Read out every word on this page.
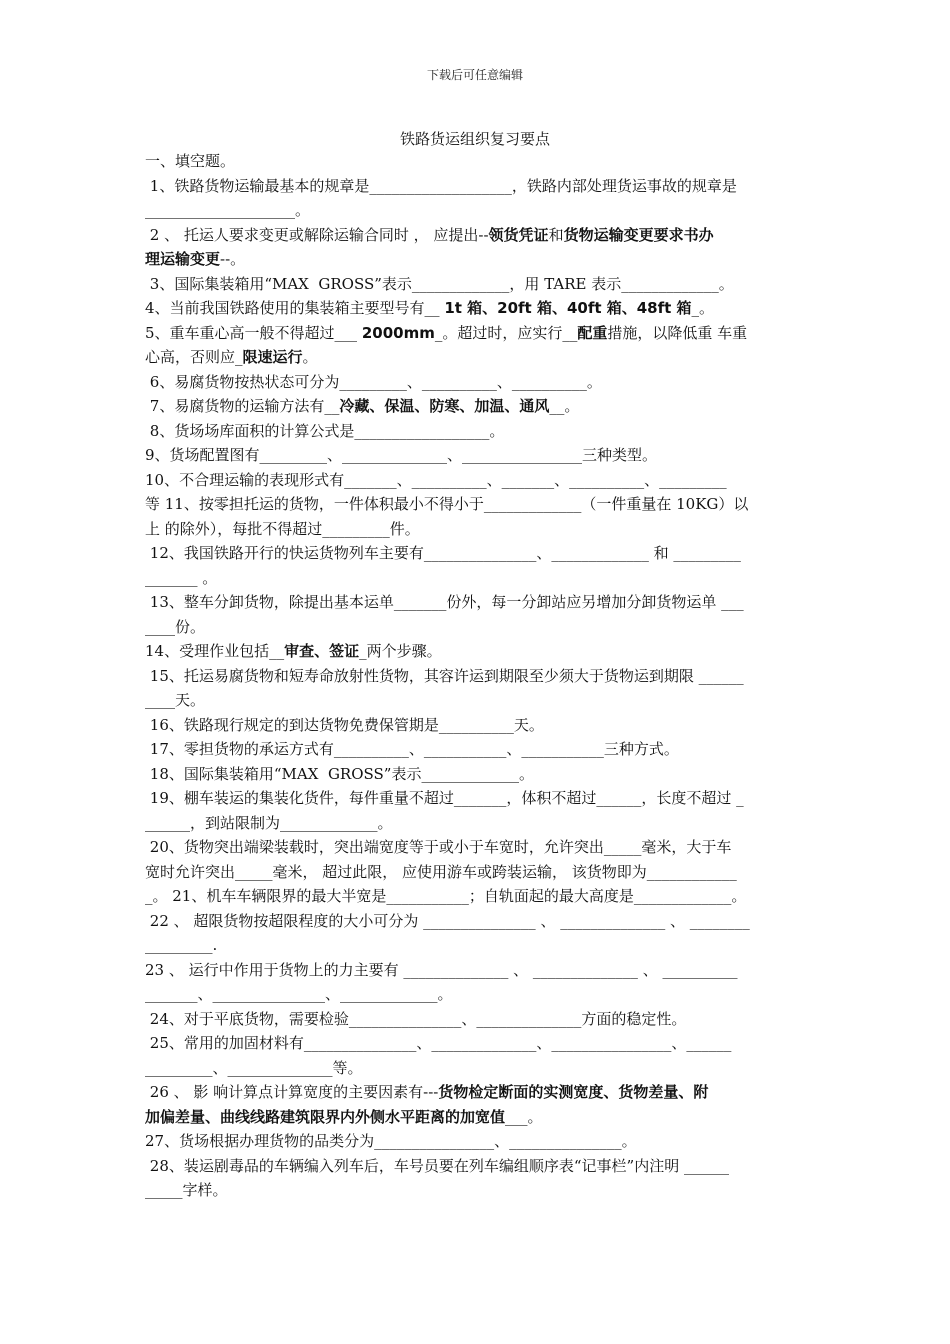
下载后可任意编辑
铁路货运组织复习要点

一、填空题。

1、铁路货物运输最基本的规章是___________________，铁路内部处理货运事故的规章是

____________________。

2 、 托运人要求变更或解除运输合同时 ， 应提出--领货凭证和货物运输变更要求书办

理运输变更--。

3、国际集装箱用“MAX  GROSS”表示_____________，用 TARE 表示_____________。

4、当前我国铁路使用的集装箱主要型号有__ 1t 箱、20ft 箱、40ft 箱、48ft 箱_。

5、重车重心高一般不得超过___ 2000mm_。超过时，应实行__配重措施，以降低重 车重

心高，否则应_限速运行。

6、易腐货物按热状态可分为_________、__________、__________。

7、易腐货物的运输方法有__冷藏、保温、防寒、加温、通风__。

8、货场场库面积的计算公式是__________________。

9、货场配置图有_________、______________、________________三种类型。

10、不合理运输的表现形式有_______、__________、_______、__________、_________

等 11、按零担托运的货物，一件体积最小不得小于_____________（一件重量在 10KG）以

上 的除外），每批不得超过_________件。

12、我国铁路开行的快运货物列车主要有_______________、_____________ 和 _________

_______ 。

13、整车分卸货物，除提出基本运单_______份外，每一分卸站应另增加分卸货物运单 ___

____份。

14、受理作业包括__审查、签证_两个步骤。

15、托运易腐货物和短寿命放射性货物，其容许运到期限至少须大于货物运到期限 ______

____天。

16、铁路现行规定的到达货物免费保管期是__________天。

17、零担货物的承运方式有__________、___________、___________三种方式。

18、国际集装箱用“MAX  GROSS”表示_____________。

19、棚车装运的集装化货件，每件重量不超过_______，体积不超过______，长度不超过 _

______，到站限制为_____________。

20、货物突出端梁装载时，突出端宽度等于或小于车宽时，允许突出_____毫米，大于车

宽时允许突出_____毫米， 超过此限， 应使用游车或跨装运输， 该货物即为____________

_。 21、机车车辆限界的最大半宽是___________；自轨面起的最大高度是_____________。

22 、 超限货物按超限程度的大小可分为 _______________ 、 ______________ 、 ________

_________.

23 、 运行中作用于货物上的力主要有 ______________ 、 ______________ 、 __________

_______、_______________、_____________。

24、对于平底货物，需要检验_______________、______________方面的稳定性。

25、常用的加固材料有_______________、______________、________________、______

_________、______________等。

26 、 影 响计算点计算宽度的主要因素有---货物检定断面的实测宽度、货物差量、附

加偏差量、曲线线路建筑限界内外侧水平距离的加宽值___。

27、货场根据办理货物的品类分为________________、_______________。

28、装运剧毒品的车辆编入列车后，车号员要在列车编组顺序表“记事栏”内注明 ______

_____字样。
